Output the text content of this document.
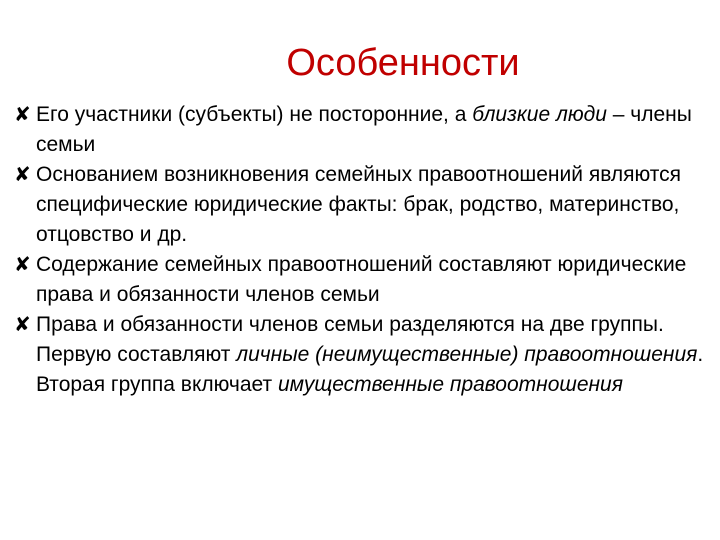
Особенности
✘ Его участники (субъекты) не посторонние, а близкие люди – члены семьи
✘ Основанием возникновения семейных правоотношений являются специфические юридические факты: брак, родство, материнство, отцовство и др.
✘ Содержание семейных правоотношений составляют юридические права и обязанности членов семьи
✘ Права и обязанности членов семьи разделяются на две группы. Первую составляют личные (неимущественные) правоотношения. Вторая группа включает имущественные правоотношения
